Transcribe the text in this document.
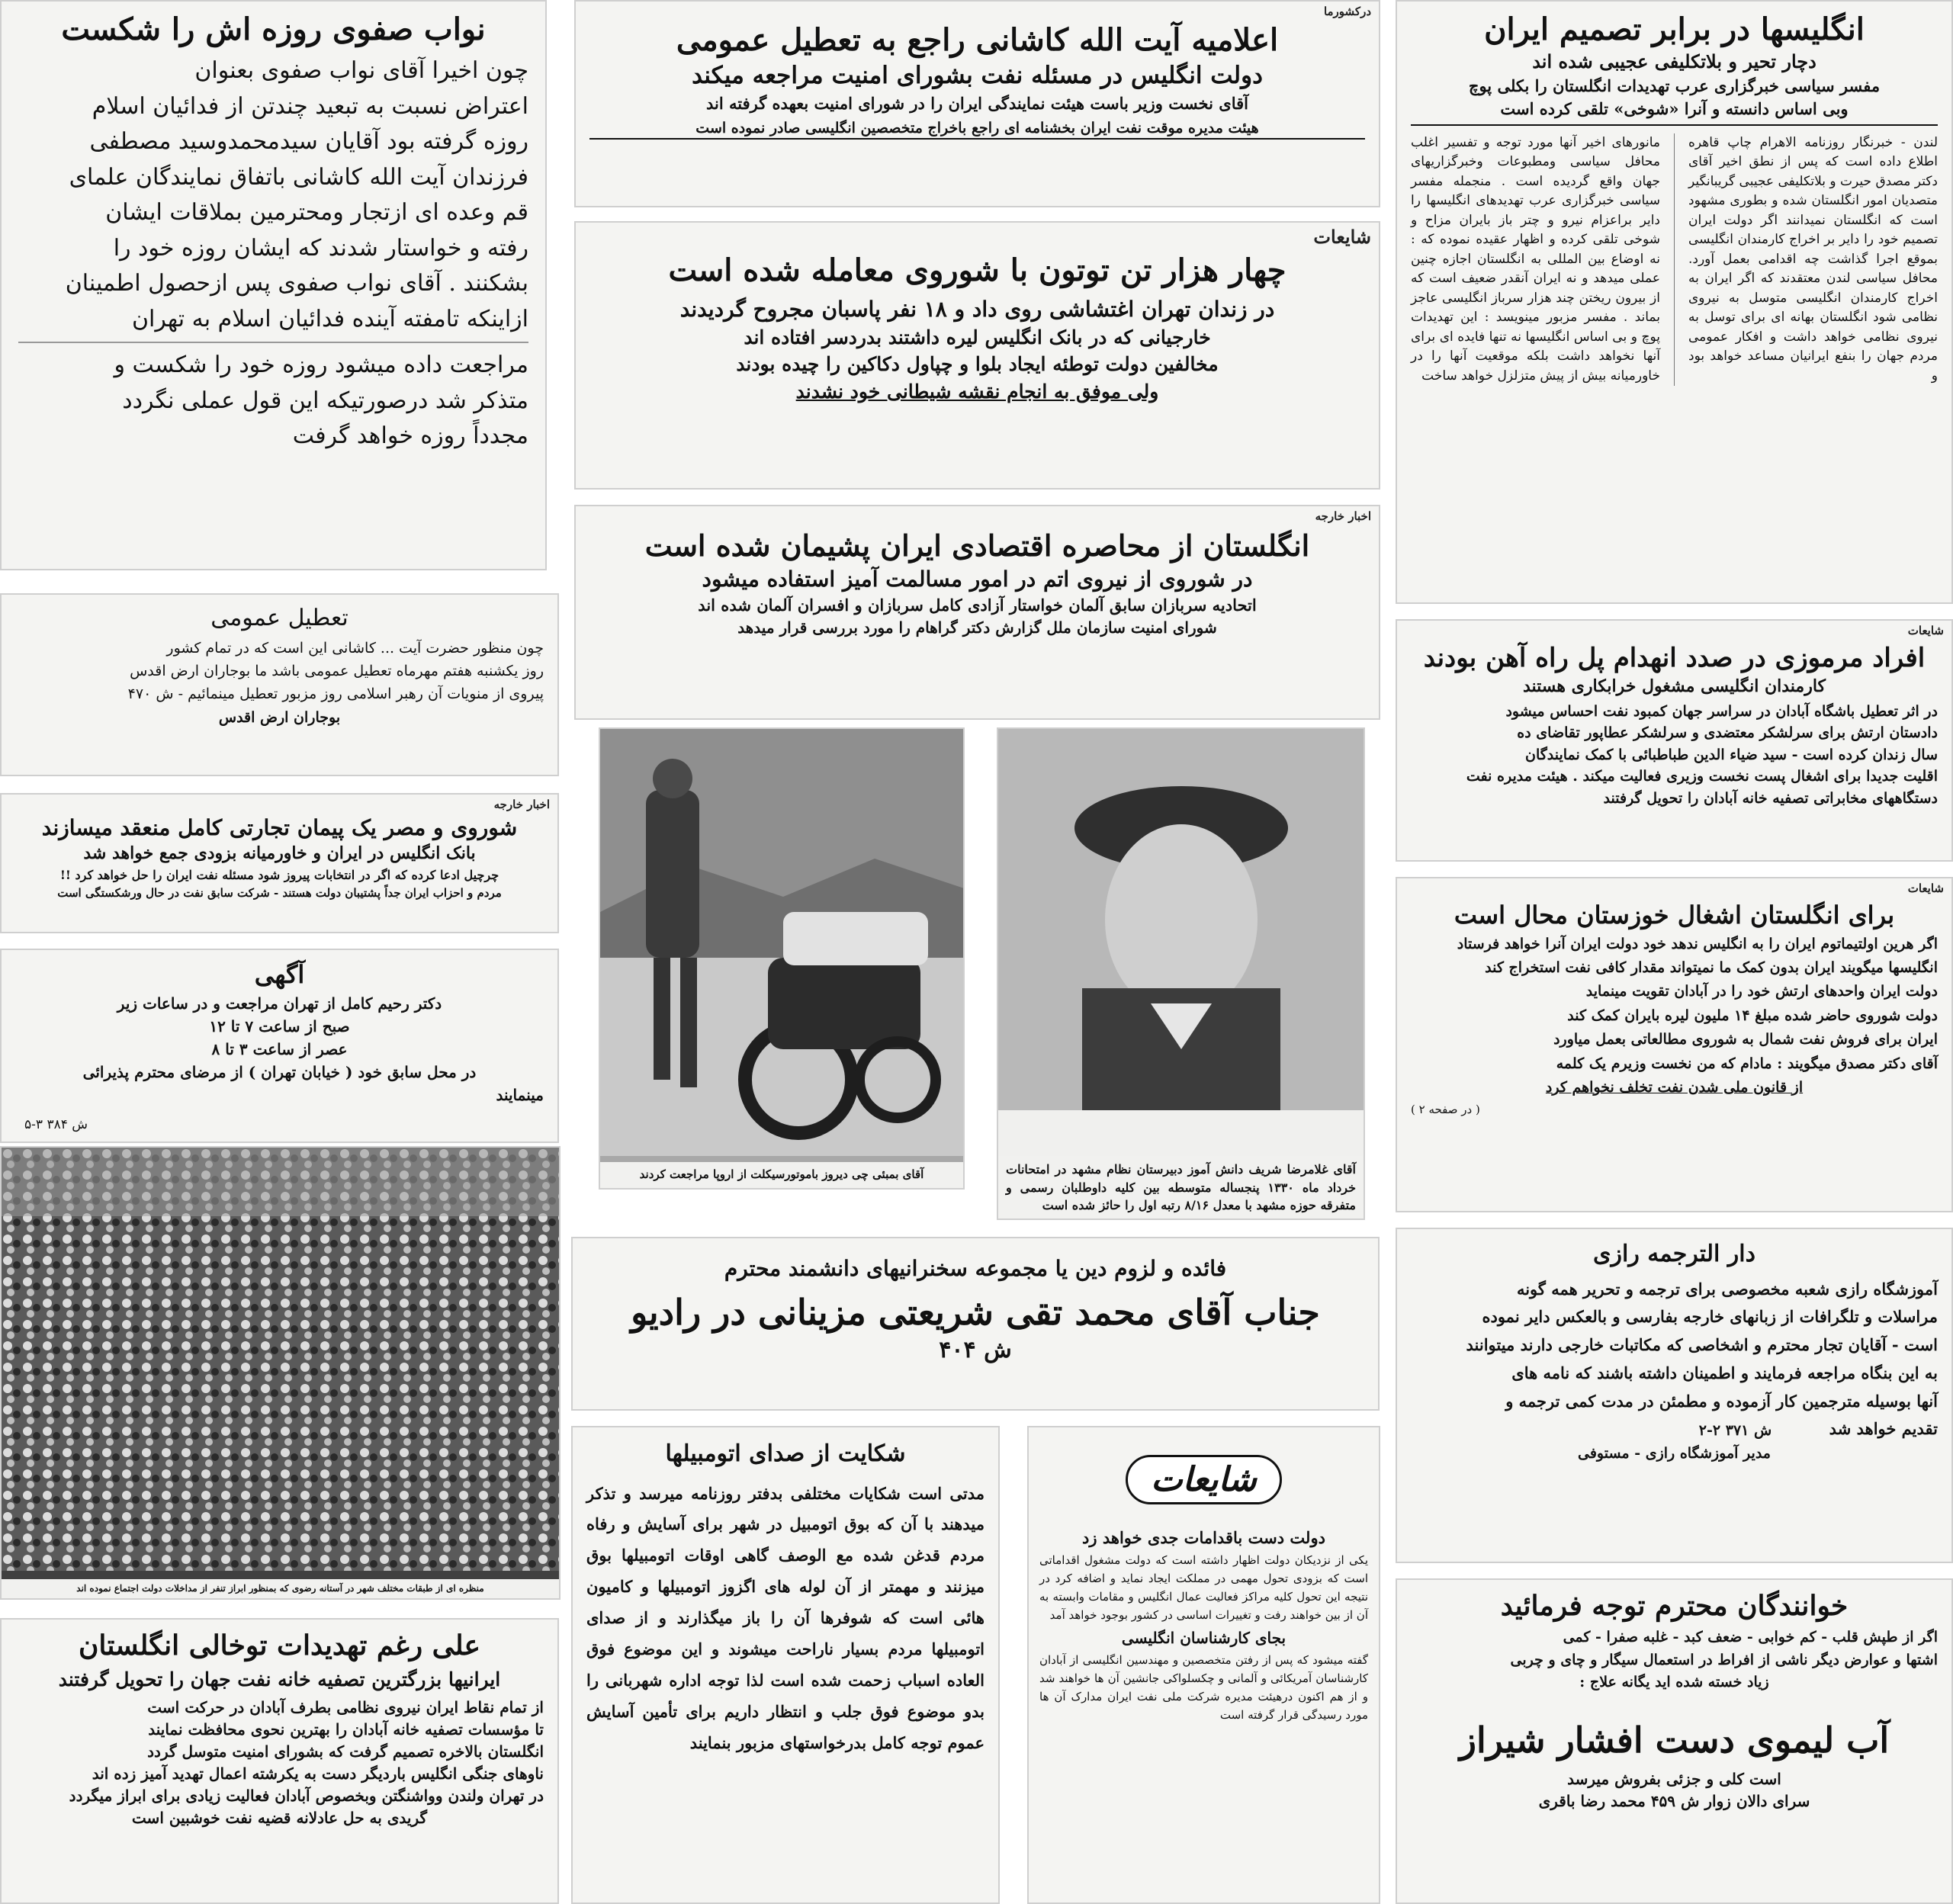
نواب صفوی روزه اش را شکست
چون اخیرا آقای نواب صفوی بعنوان
اعتراض نسبت به تبعید چندتن از فدائیان اسلام
روزه گرفته بود آقایان سیدمحمدوسید مصطفی
فرزندان آیت الله کاشانی باتفاق نمایندگان علمای
قم وعده ای ازتجار ومحترمین بملاقات ایشان
رفته و خواستار شدند که ایشان روزه خود را
بشکنند . آقای نواب صفوی پس ازحصول اطمینان
ازاینکه تامفته آینده فدائیان اسلام به تهران
مراجعت داده میشود روزه خود را شکست و
متذکر شد درصورتیکه این قول عملی نگردد
مجدداً روزه خواهد گرفت
تعطیل عمومی
چون منظور حضرت آیت ... کاشانی این است که در تمام کشور
روز یکشنبه هفتم مهرماه تعطیل عمومی باشد ما بوجاران ارض اقدس
پیروی از منویات آن رهبر اسلامی روز مزبور تعطیل مینمائیم - ش ۴۷۰
بوجاران ارض اقدس
اخبار خارجه
شوروی و مصر یک پیمان تجارتی کامل منعقد میسازند
بانک انگلیس در ایران و خاورمیانه بزودی جمع خواهد شد
چرچیل ادعا کرده که اگر در انتخابات پیروز شود مسئله نفت ایران را حل خواهد کرد !!
مردم و احزاب ایران جداً پشتیبان دولت هستند - شرکت سابق نفت در حال ورشکستگی است
آگهی
دکتر رحیم کامل از تهران مراجعت و در ساعات زیر
صبح از ساعت ۷ تا ۱۲
عصر از ساعت ۳ تا ۸
در محل سابق خود ( خیابان تهران ) از مرضای محترم پذیرائی
مینمایند
ش ۳۸۴ ۳-۵
منظره ای از طبقات مختلف شهر در آستانه رضوی که بمنظور ابراز تنفر از مداخلات دولت اجتماع نموده اند
علی رغم تهدیدات توخالی انگلستان
ایرانیها بزرگترین تصفیه خانه نفت جهان را تحویل گرفتند
از تمام نقاط ایران نیروی نظامی بطرف آبادان در حرکت است
تا مؤسسات تصفیه خانه آبادان را بهترین نحوی محافظت نمایند
انگلستان بالاخره تصمیم گرفت که بشورای امنیت متوسل گردد
ناوهای جنگی انگلیس باردیگر دست به یکرشته اعمال تهدید آمیز زده اند
در تهران ولندن وواشنگتن وبخصوص آبادان فعالیت زیادی برای ابراز میگردد
گریدی به حل عادلانه قضیه نفت خوشبین است
درکشورما
اعلامیه آیت الله کاشانی راجع به تعطیل عمومی
دولت انگلیس در مسئله نفت بشورای امنیت مراجعه میکند
آقای نخست وزیر باست هیئت نمایندگی ایران را در شورای امنیت بعهده گرفته اند
هیئت مدیره موقت نفت ایران بخشنامه ای راجع باخراج متخصصین انگلیسی صادر نموده است
شایعات
چهار هزار تن توتون با شوروی معامله شده است
در زندان تهران اغتشاشی روی داد و ۱۸ نفر پاسبان مجروح گردیدند
خارجیانی که در بانک انگلیس لیره داشتند بدردسر افتاده اند
مخالفین دولت توطئه ایجاد بلوا و چپاول دکاکین را چیده بودند
ولی موفق به انجام نقشه شیطانی خود نشدند
اخبار خارجه
انگلستان از محاصره اقتصادی ایران پشیمان شده است
در شوروی از نیروی اتم در امور مسالمت آمیز استفاده میشود
اتحادیه سربازان سابق آلمان خواستار آزادی کامل سربازان و افسران آلمان شده اند
شورای امنیت سازمان ملل گزارش دکتر گراهام را مورد بررسی قرار میدهد
آقای بمبئی چی دیروز باموتورسیکلت از اروپا مراجعت کردند	آقای غلامرضا شریف دانش آموز دبیرستان نظام مشهد در امتحانات خرداد ماه ۱۳۳۰ پنجساله متوسطه بین کلیه داوطلبان رسمی و متفرقه حوزه مشهد با معدل ۸/۱۶ رتبه اول را حائز شده است
فائده و لزوم دین یا مجموعه سخنرانیهای دانشمند محترم
جناب آقای محمد تقی شریعتی مزینانی در رادیو
ش ۴۰۴
شکایت از صدای اتومبیلها
مدتی است شکایات مختلفی بدفتر روزنامه میرسد و تذکر میدهند با آن که بوق اتومبیل در شهر برای آسایش و رفاه مردم قدغن شده مع الوصف گاهی اوقات اتومبیلها بوق میزنند و مهمتر از آن لوله های اگزوز اتومبیلها و کامیون هائی است که شوفرها آن را باز میگذارند و از صدای اتومبیلها مردم بسیار ناراحت میشوند و این موضوع فوق العاده اسباب زحمت شده است لذا توجه اداره شهربانی را بدو موضوع فوق جلب و انتظار داریم برای تأمین آسایش عموم توجه کامل بدرخواستهای مزبور بنمایند
شایعات
دولت دست باقدامات جدی خواهد زد
یکی از نزدیکان دولت اظهار داشته است که دولت مشغول اقداماتی است که بزودی تحول مهمی در مملکت ایجاد نماید و اضافه کرد در نتیجه این تحول کلیه مراکز فعالیت عمال انگلیس و مقامات وابسته به آن از بین خواهند رفت و تغییرات اساسی در کشور بوجود خواهد آمد
بجای کارشناسان انگلیسی
گفته میشود که پس از رفتن متخصصین و مهندسین انگلیسی از آبادان کارشناسان آمریکائی و آلمانی و چکسلواکی جانشین آن ها خواهند شد و از هم اکنون درهیئت مدیره شرکت ملی نفت ایران مدارک آن ها مورد رسیدگی قرار گرفته است
انگلیسها در برابر تصمیم ایران
دچار تحیر و بلاتکلیفی عجیبی شده اند
مفسر سیاسی خبرگزاری عرب تهدیدات انگلستان را بکلی پوچ
وبی اساس دانسته و آنرا «شوخی» تلقی کرده است
لندن - خبرنگار روزنامه الاهرام چاپ قاهره اطلاع داده است که پس از نطق اخیر آقای دکتر مصدق حیرت و بلاتکلیفی عجیبی گریبانگیر متصدیان امور انگلستان شده و بطوری مشهود است که انگلستان نمیدانند اگر دولت ایران تصمیم خود را دایر بر اخراج کارمندان انگلیسی بموقع اجرا گذاشت چه اقدامی بعمل آورد. محافل سیاسی لندن معتقدند که اگر ایران به اخراج کارمندان انگلیسی متوسل به نیروی نظامی شود انگلستان بهانه ای برای توسل به نیروی نظامی خواهد داشت و افکار عمومی مردم جهان را بنفع ایرانیان مساعد خواهد بود و
مانورهای اخیر آنها مورد توجه و تفسیر اغلب محافل سیاسی ومطبوعات وخبرگزاریهای جهان واقع گردیده است . منجمله مفسر سیاسی خبرگزاری عرب تهدیدهای انگلیسها را دایر براعزام نیرو و چتر باز بایران مزاح و شوخی تلقی کرده و اظهار عقیده نموده که : نه اوضاع بین المللی به انگلستان اجازه چنین عملی میدهد و نه ایران آنقدر ضعیف است که از بیرون ریختن چند هزار سرباز انگلیسی عاجز بماند . مفسر مزبور مینویسد : این تهدیدات پوچ و بی اساس انگلیسها نه تنها فایده ای برای آنها نخواهد داشت بلکه موقعیت آنها را در خاورمیانه بیش از پیش متزلزل خواهد ساخت
شایعات
افراد مرموزی در صدد انهدام پل راه آهن بودند
کارمندان انگلیسی مشغول خرابکاری هستند
در اثر تعطیل باشگاه آبادان در سراسر جهان کمبود نفت احساس میشود
دادستان ارتش برای سرلشکر معتضدی و سرلشکر عطاپور تقاضای ده
سال زندان کرده است - سید ضیاء الدین طباطبائی با کمک نمایندگان
اقلیت جدیدا برای اشغال پست نخست وزیری فعالیت میکند . هیئت مدیره نفت
دستگاههای مخابراتی تصفیه خانه آبادان را تحویل گرفتند
شایعات
برای انگلستان اشغال خوزستان محال است
اگر هرین اولتیماتوم ایران را به انگلیس ندهد خود دولت ایران آنرا خواهد فرستاد
انگلیسها میگویند ایران بدون کمک ما نمیتواند مقدار کافی نفت استخراج کند
دولت ایران واحدهای ارتش خود را در آبادان تقویت مینماید
دولت شوروی حاضر شده مبلغ ۱۴ ملیون لیره بایران کمک کند
ایران برای فروش نفت شمال به شوروی مطالعاتی بعمل میاورد
آقای دکتر مصدق میگویند : مادام که من نخست وزیرم یک کلمه
از قانون ملی شدن نفت تخلف نخواهم کرد
( در صفحه ۲ )
دار الترجمه رازی
آموزشگاه رازی شعبه مخصوصی برای ترجمه و تحریر همه گونه
مراسلات و تلگرافات از زبانهای خارجه بفارسی و بالعکس دایر نموده
است - آقایان تجار محترم و اشخاصی که مکاتبات خارجی دارند میتوانند
به این بنگاه مراجعه فرمایند و اطمینان داشته باشند که نامه های
آنها بوسیله مترجمین کار آزموده و مطمئن در مدت کمی ترجمه و
تقدیم خواهد شد
ش ۳۷۱ ۲-۲
مدیر آموزشگاه رازی - مستوفی
خوانندگان محترم توجه فرمائید
اگر از طپش قلب - کم خوابی - ضعف کبد - غلبه صفرا - کمی
اشتها و عوارض دیگر ناشی از افراط در استعمال سیگار و چای و چربی
زیاد خسته شده اید یگانه علاج :
آب لیموی دست افشار شیراز
است کلی و جزئی بفروش میرسد
سرای دالان زوار ش ۴۵۹ محمد رضا باقری
